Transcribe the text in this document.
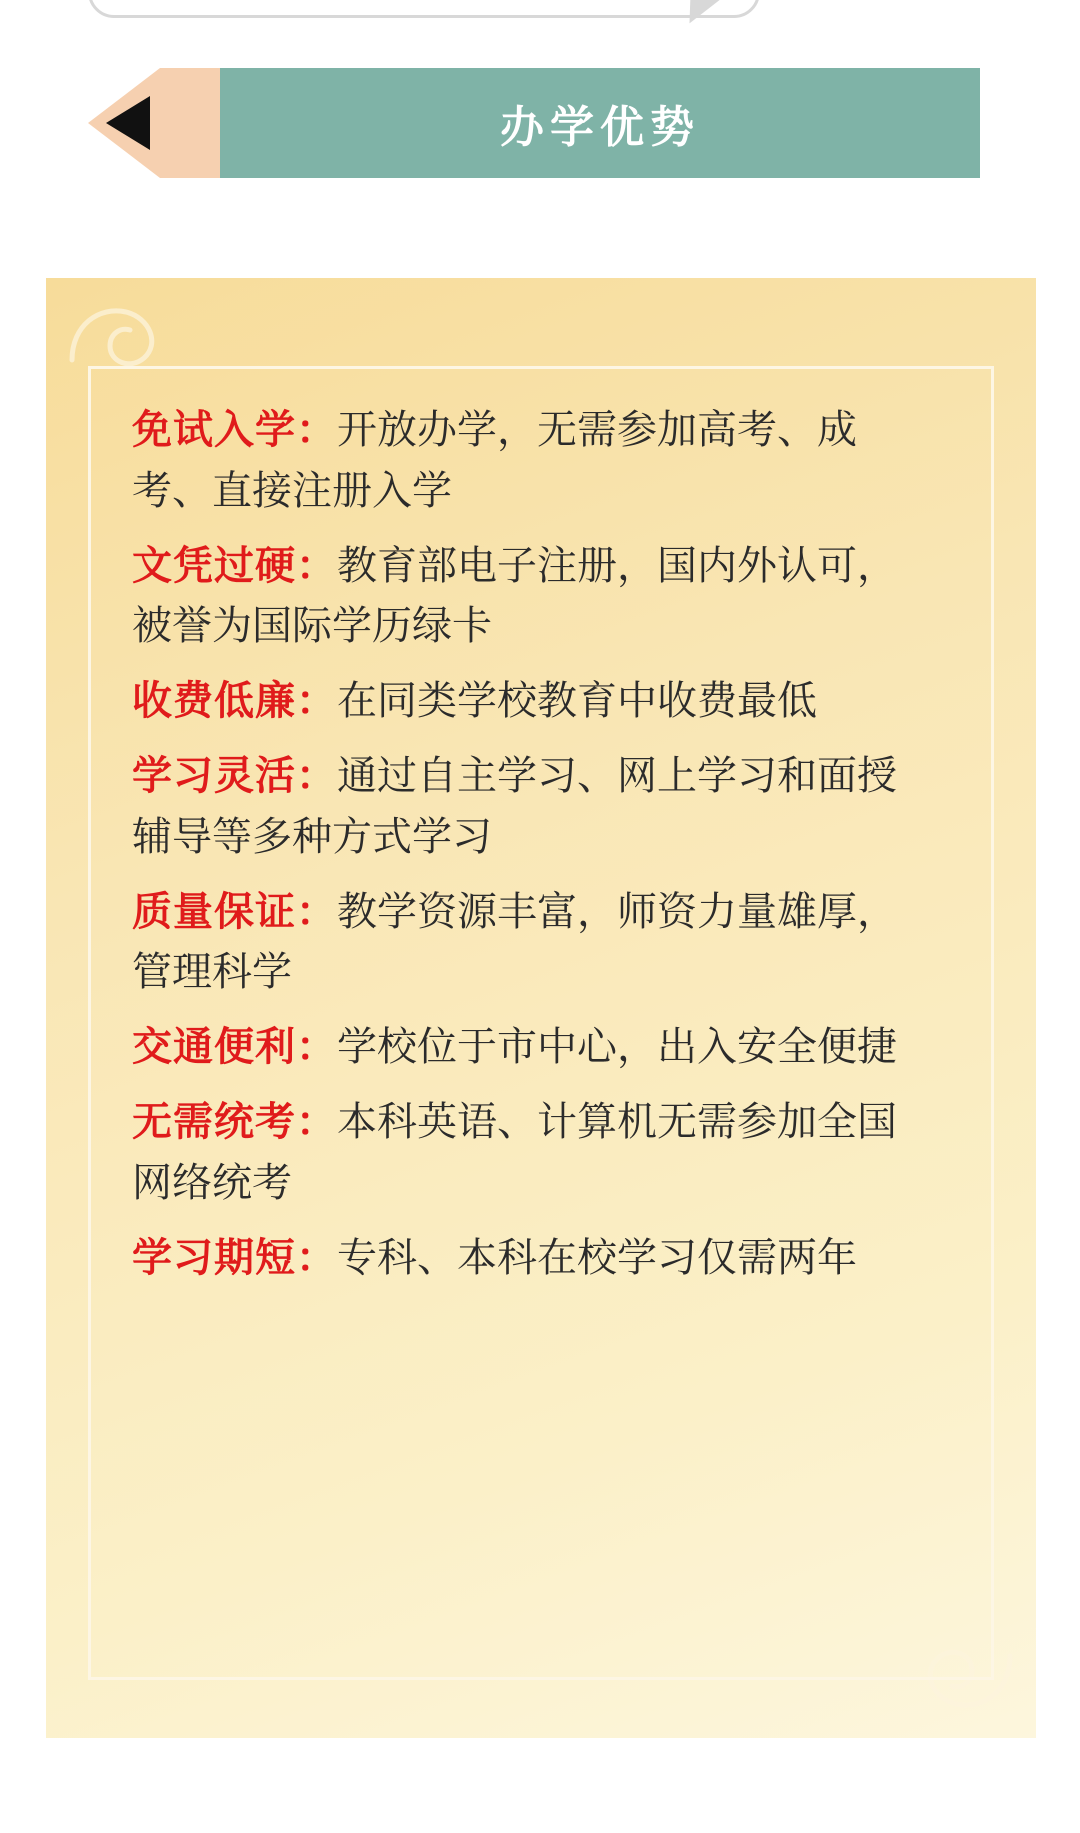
办学优势
免试入学：开放办学，无需参加高考、成考、直接注册入学
文凭过硬：教育部电子注册，国内外认可，被誉为国际学历绿卡
收费低廉：在同类学校教育中收费最低
学习灵活：通过自主学习、网上学习和面授辅导等多种方式学习
质量保证：教学资源丰富，师资力量雄厚，管理科学
交通便利：学校位于市中心，出入安全便捷
无需统考：本科英语、计算机无需参加全国网络统考
学习期短：专科、本科在校学习仅需两年
